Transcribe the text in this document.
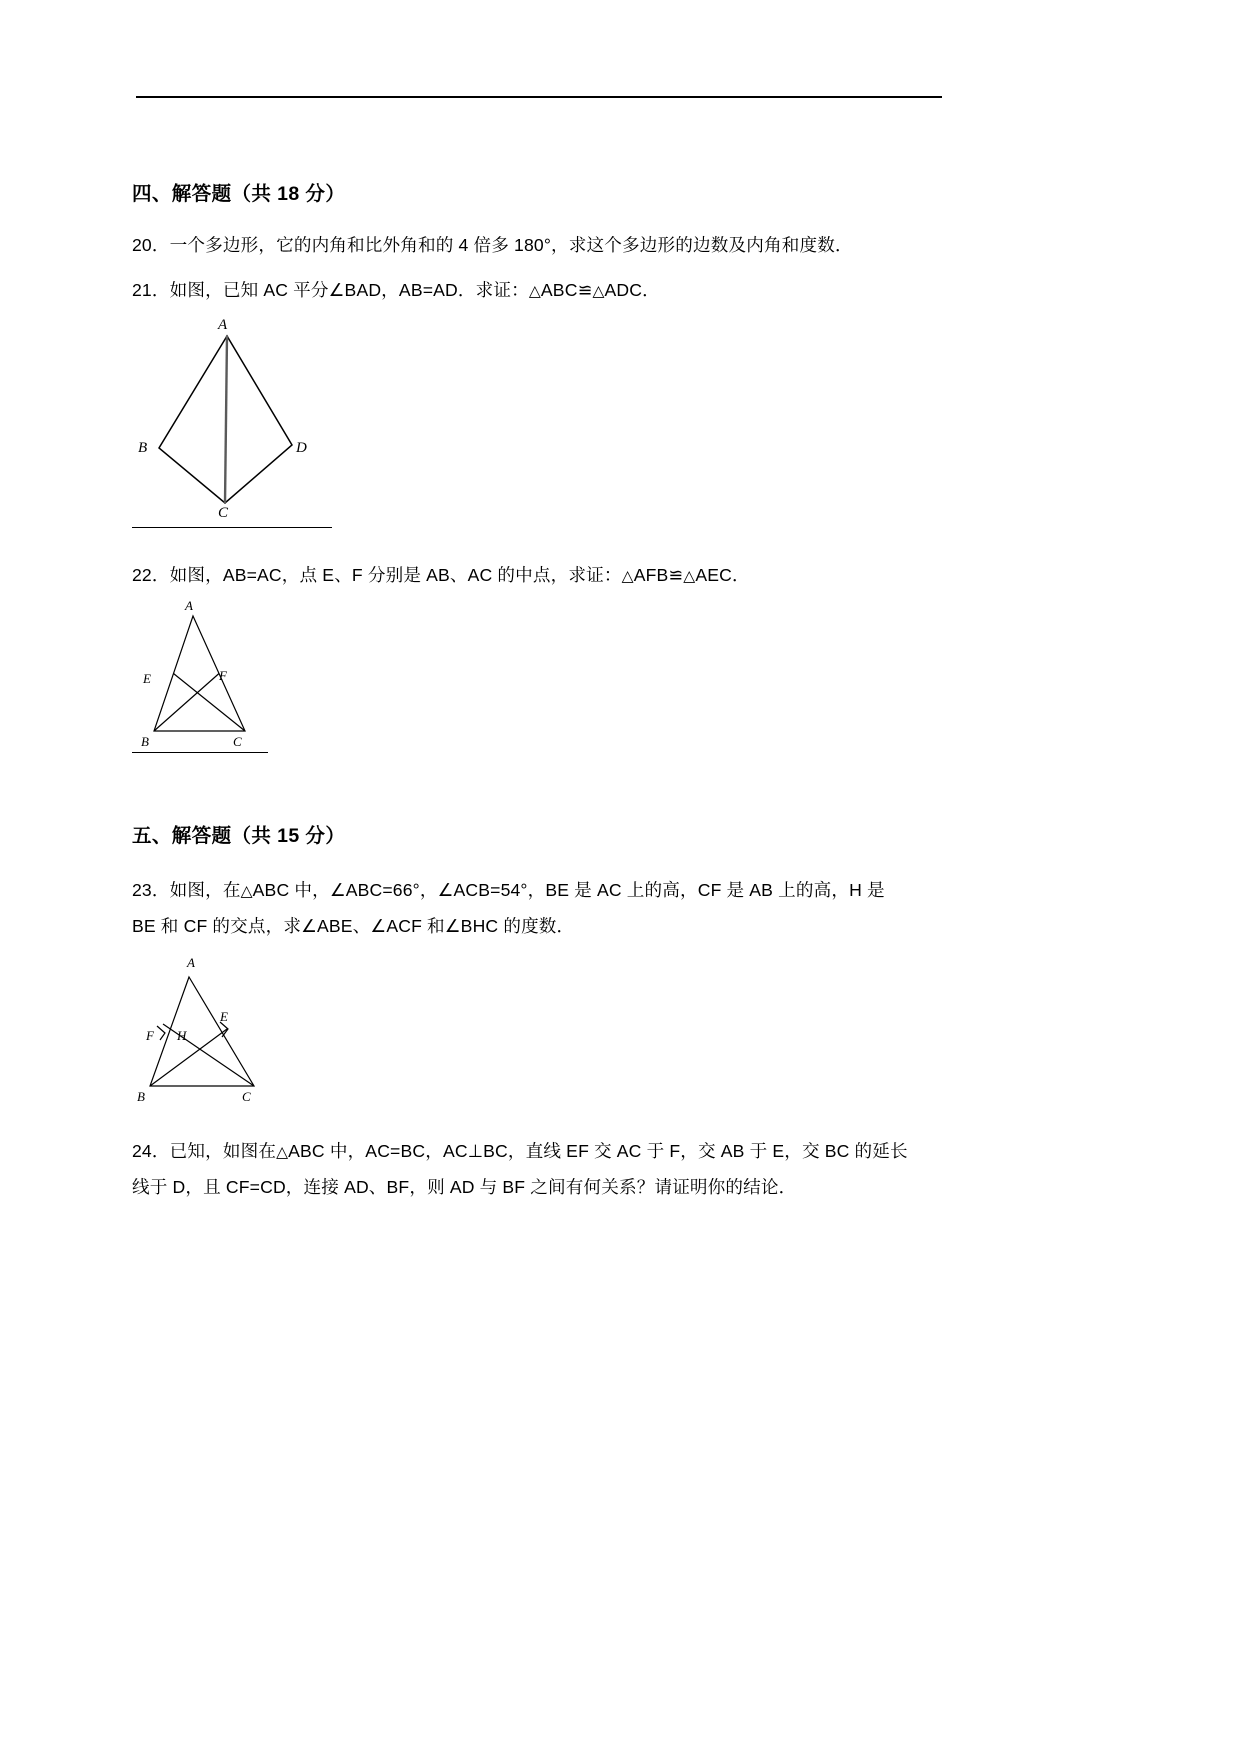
四、解答题（共 18 分）
20．一个多边形，它的内角和比外角和的 4 倍多 180°，求这个多边形的边数及内角和度数．
21．如图，已知 AC 平分∠BAD，AB=AD．求证：△ABC≌△ADC．
A
B	D
C
22．如图，AB=AC，点 E、F 分别是 AB、AC 的中点，求证：△AFB≌△AEC．
A
E	F
B	C
五、解答题（共 15 分）
23．如图，在△ABC 中，∠ABC=66°，∠ACB=54°，BE 是 AC 上的高，CF 是 AB 上的高，H 是
BE 和 CF 的交点，求∠ABE、∠ACF 和∠BHC 的度数．
A
E
F H
B	C
24．已知，如图在△ABC 中，AC=BC，AC⊥BC，直线 EF 交 AC 于 F，交 AB 于 E，交 BC 的延长
线于 D，且 CF=CD，连接 AD、BF，则 AD 与 BF 之间有何关系？请证明你的结论．
